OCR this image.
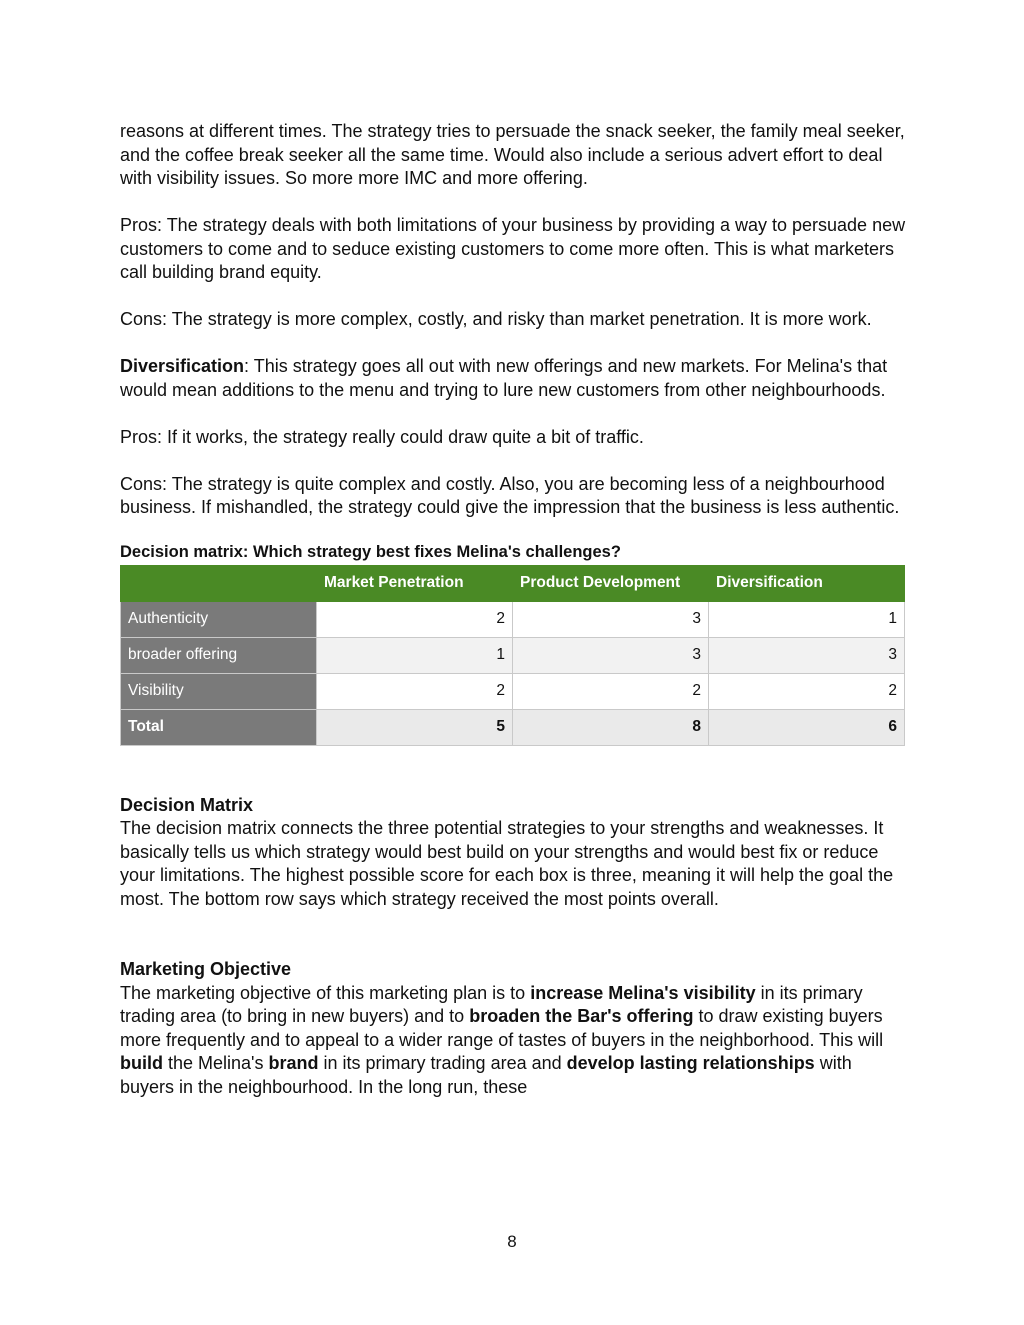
reasons at different times. The strategy tries to persuade the snack seeker, the family meal seeker, and the coffee break seeker all the same time. Would also include a serious advert effort to deal with visibility issues. So more more IMC and more offering.

Pros: The strategy deals with both limitations of your business by providing a way to persuade new customers to come and to seduce existing customers to come more often. This is what marketers call building brand equity.

Cons: The strategy is more complex, costly, and risky than market penetration. It is more work.

Diversification: This strategy goes all out with new offerings and new markets. For Melina's that would mean additions to the menu and trying to lure new customers from other neighbourhoods.

Pros: If it works, the strategy really could draw quite a bit of traffic.

Cons: The strategy is quite complex and costly. Also, you are becoming less of a neighbourhood business. If mishandled, the strategy could give the impression that the business is less authentic.

Decision matrix: Which strategy best fixes Melina's challenges?
	Market Penetration	Product Development	Diversification
Authenticity	2	3	1
broader offering	1	3	3
Visibility	2	2	2
Total	5	8	6
Decision Matrix

The decision matrix connects the three potential strategies to your strengths and weaknesses. It basically tells us which strategy would best build on your strengths and would best fix or reduce your limitations. The highest possible score for each box is three, meaning it will help the goal the most. The bottom row says which strategy received the most points overall.

Marketing Objective

The marketing objective of this marketing plan is to increase Melina's visibility in its primary trading area (to bring in new buyers) and to broaden the Bar's offering to draw existing buyers more frequently and to appeal to a wider range of tastes of buyers in the neighborhood. This will build the Melina's brand in its primary trading area and develop lasting relationships with buyers in the neighbourhood. In the long run, these

8
